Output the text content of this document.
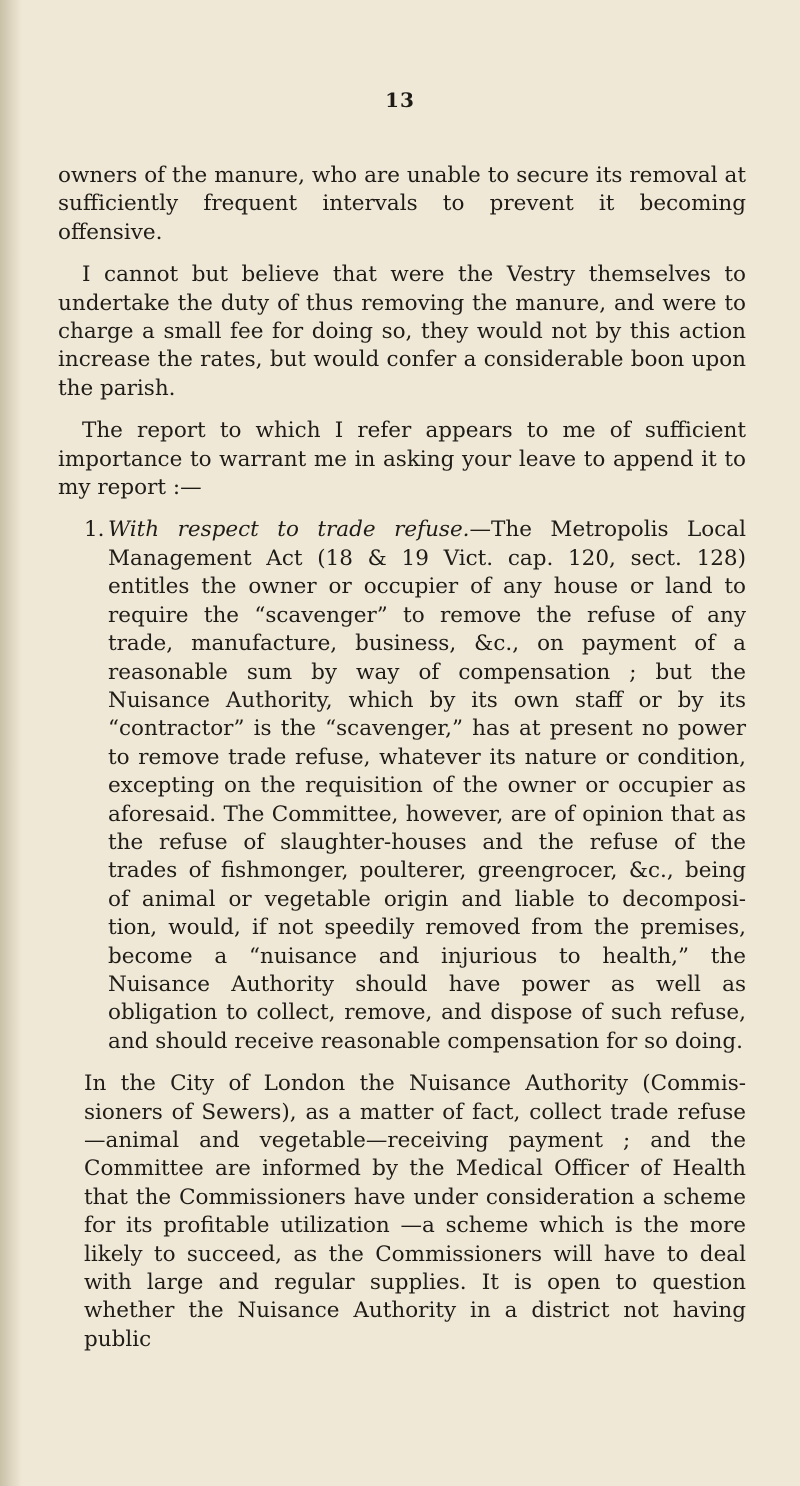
13

owners of the manure, who are unable to secure its removal at sufficiently frequent intervals to prevent it becoming offensive.

I cannot but believe that were the Vestry themselves to undertake the duty of thus removing the manure, and were to charge a small fee for doing so, they would not by this action increase the rates, but would confer a considerable boon upon the parish.

The report to which I refer appears to me of sufficient importance to warrant me in asking your leave to append it to my report :—

1. With respect to trade refuse.—The Metropolis Local Management Act (18 & 19 Vict. cap. 120, sect. 128) entitles the owner or occupier of any house or land to require the “scavenger” to remove the refuse of any trade, manufacture, business, &c., on payment of a reasonable sum by way of compensation ; but the Nuisance Authority, which by its own staff or by its “contractor” is the “scavenger,” has at present no power to remove trade refuse, whatever its nature or condition, excepting on the requisition of the owner or occupier as aforesaid. The Committee, however, are of opinion that as the refuse of slaughter-houses and the refuse of the trades of fishmonger, poulterer, greengrocer, &c., being of animal or vegetable origin and liable to decomposi- tion, would, if not speedily removed from the premises, become a “nuisance and injurious to health,” the Nuisance Authority should have power as well as obligation to collect, remove, and dispose of such refuse, and should receive reasonable compensation for so doing.

In the City of London the Nuisance Authority (Commis- sioners of Sewers), as a matter of fact, collect trade refuse—animal and vegetable—receiving payment ; and the Committee are informed by the Medical Officer of Health that the Commissioners have under consideration a scheme for its profitable utilization —a scheme which is the more likely to succeed, as the Commissioners will have to deal with large and regular supplies. It is open to question whether the Nuisance Authority in a district not having public
